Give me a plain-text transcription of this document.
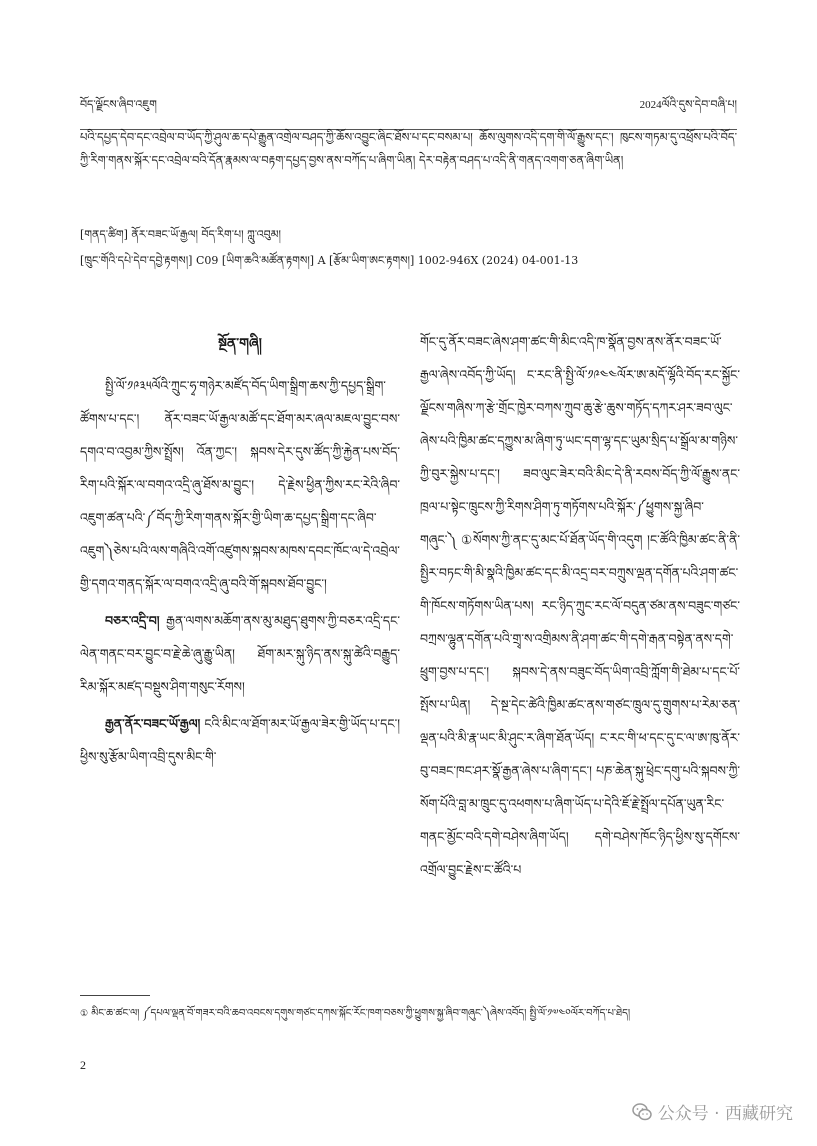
བོད་ལྗོངས་ཞིབ་འཇུག	2024ལོའི་དུས་དེབ་བཞི་པ།

པའི་དཔྱད་དེབ་དང་འབྲེལ་བ་ཡོད་ཀྱི་ཤུལ་ཆ་དཔེ་རྒྱུན་འགྲེལ་བཤད་ཀྱི་ཆོས་འབྱུང་ཞིང་ཐོས་པ་དང་བསམ་པ། ཆོས་ལུགས་འདི་དག་གི་ལོ་རྒྱུས་དང་། ཁུངས་གཏམ་དུ་འཕྲོས་པའི་བོད་ཀྱི་རིག་གནས་སྐོར་དང་འབྲེལ་བའི་དོན་རྣམས་ལ་བརྟག་དཔྱད་བྱས་ནས་བཀོད་པ་ཞིག་ཡིན། དེར་བརྟེན་བཤད་པ་འདི་ནི་གནད་འགག་ཅན་ཞིག་ཡིན།

[གནད་ཚིག] ནོར་བཟང་ཡོ་རྒྱལ། བོད་རིག་པ། ཀླུ་འབུམ།
[ཁྲུང་གོའི་དཔེ་དེབ་དབྱེ་རྟགས།] C09 [ཡིག་ཆའི་མཚོན་རྟགས།] A [རྩོམ་ཡིག་ཨང་རྟགས།] 1002-946X (2024) 04-001-13
སྔོན་གཞི།

སྤྱི་ལོ་༡༩༣༥ལོའི་ཀྲུང་ཧྭ་གཉེར་མཛོད་བོད་ཡིག་སྒྲིག་ཆས་ཀྱི་དཔྱད་སྒྲིག་ཚོགས་པ་དང་། ནོར་བཟང་ཡོ་རྒྱལ་མཚོ་དང་ཐོག་མར་ཞལ་མཇལ་བྱུང་བས་དགའ་བ་འབྱམ་ཀྱིས་སྤྲོས། འོན་ཀྱང་། སྐབས་དེར་དུས་ཚོད་ཀྱི་རྐྱེན་པས་བོད་རིག་པའི་སྐོར་ལ་བགའ་འདྲི་ཞུ་ཐོས་མ་བྱུང་། དེ་རྗེས་ཕྱིན་ཀྱིས་རང་རེའི་ཞིབ་འཇུག་ཚན་པའི་༼བོད་ཀྱི་རིག་གནས་སྐོར་གྱི་ཡིག་ཆ་དཔྱད་སྒྲིག་དང་ཞིབ་འཇུག༽ཅེས་པའི་ལས་གཞིའི་འགོ་འཛུགས་སྐབས་མཁས་དབང་ཁོང་ལ་དེ་འབྲེལ་གྱི་དགའ་གནད་སྐོར་ལ་བགའ་འདྲི་ཞུ་བའི་གོ་སྐབས་ཐོབ་བྱུང་།

བཅར་འདྲི་བ། རྒྱན་ལགས་མཆོག་ནས་མུ་མཐུད་ཐུགས་ཀྱི་བཅར་འདྲི་དང་ལེན་གནང་བར་བྱུང་བ་རྗེ་ཆེ་ཞུ་རྒྱུ་ཡིན། ཐོག་མར་སྐུ་ཉིད་ནས་སྐུ་ཚེའི་བརྒྱུད་རིམ་སྐོར་མཛད་བསྡུས་ཤིག་གསུང་རོགས།

རྒྱན་ནོར་བཟང་ཡོ་རྒྱལ། ངའི་མིང་ལ་ཐོག་མར་ཡོ་རྒྱལ་ཟེར་གྱི་ཡོད་པ་དང་། ཕྱིས་སུ་རྩོམ་ཡིག་འབྲི་དུས་མིང་གི་

གོང་དུ་ནོར་བཟང་ཞེས་ཤག་ཚང་གི་མིང་འདི་ཁ་སྣོན་བྱས་ནས་ནོར་བཟང་ཡོ་རྒྱལ་ཞེས་འབོད་ཀྱི་ཡོད། ང་རང་ནི་སྤྱི་ལོ་༡༩༤༤ལོར་ཨ་མདོ་ལྷོའི་བོད་རང་སྐྱོང་ལྗོངས་གཞིས་ཀ་རྩེ་གྲོང་ཁྱེར་བཀས་ཀྲུབ་ཆུ་རྩེ་ཆུས་གཏོད་དཀར་ཤར་ཟབ་ལུང་ཞེས་པའི་ཁྱིམ་ཚང་དཀྱུས་མ་ཞིག་ཏུ་ཡང་དག་ལྷ་དང་ཡུམ་སྲིད་པ་སྒྲོལ་མ་གཉིས་ཀྱི་བུར་སྐྱེས་པ་དང་། ཟབ་ལུང་ཟེར་བའི་མིང་དེ་ནི་རབས་བོད་ཀྱི་ལོ་རྒྱུས་ནང་ཁྲལ་པ་སྟེང་ཁྲུངས་ཀྱི་རིགས་ཤིག་ཏུ་གཏོགས་པའི་སྐོར་༼ཕྱུགས་སྐྱ་ཞིབ་གཞུང་༽ ①སོགས་ཀྱི་ནང་དུ་མང་པོ་ཐོན་ཡོད་གི་འདུག །ང་ཚོའི་ཁྱིམ་ཚང་ནི་ནི་སྤྱིར་བཏང་གི་མི་སྣའི་ཁྱིམ་ཚང་དང་མི་འདྲ་བར་བཀྲུས་ལྡན་དགོན་པའི་ཤག་ཚང་གི་ཁོངས་གཏོགས་ཡིན་པས། རང་ཉིད་ཀྲུང་རང་ལོ་བདུན་ཙམ་ནས་བཟུང་གཙང་བཀྲས་ལྷུན་དགོན་པའི་གྲྭ་ས་འགྲིམས་ནི་ཤག་ཚང་གི་དགེ་རྒན་བསྟེན་ནས་དགེ་ཕྲུག་བྱས་པ་དང་། སྐབས་དེ་ནས་བཟུང་བོད་ཡིག་འབྲི་ཀློག་གི་ཐེམ་པ་དང་པོ་སྤོས་པ་ཡིན། དེ་སྔ་དེང་ཚེའི་ཁྱིམ་ཚང་ནས་གཙང་ཁྲུལ་དུ་གྲུགས་པ་རེམ་ཅན་ལྡན་པའི་མི་རྣ་ཡང་མི་ཤུང་ར་ཞིག་ཐོན་ཡོད། ང་རང་གི་ཕ་དང་དུ་ང་ལ་ཨ་ཁུ་ནོར་བུ་བཟང་ཁང་ཤར་སྣོ་རྒྱན་ཞེས་པ་ཞིག་དང་། པཎ་ཆེན་སྐུ་ཕྲེང་དགུ་པའི་སྐབས་ཀྱི་སོག་པོའི་བླ་མ་ཁྲུང་དུ་འཕགས་པ་ཞིག་ཡོད་པ་དེའི་ཇོ་རྗེ་སྤྲོལ་དཔོན་ཡུན་རིང་གནང་མྱོང་བའི་དགེ་བཤེས་ཞིག་ཡོད། དགེ་བཤེས་ཁོང་ཉིད་ཕྱིས་སུ་དགོངས་འགྲོལ་བྱུང་རྗེས་ང་ཚོའི་པ

① མིང་ཆ་ཚང་ལ། ༼དཔལ་ལྡན་བོ་གཟར་བའི་ཆབ་འབངས་དགུས་གཙང་དཀས་སྐོང་རོང་ཁག་བཅས་ཀྱི་ཕྱུགས་སྐྱ་ཞིབ་གཞུང་༽ཞེས་འབོད། སྤྱི་ལོ་༡༧༤༠ལོར་བཀོད་པ་ཐེད།
2
公众号 · 西藏研究
